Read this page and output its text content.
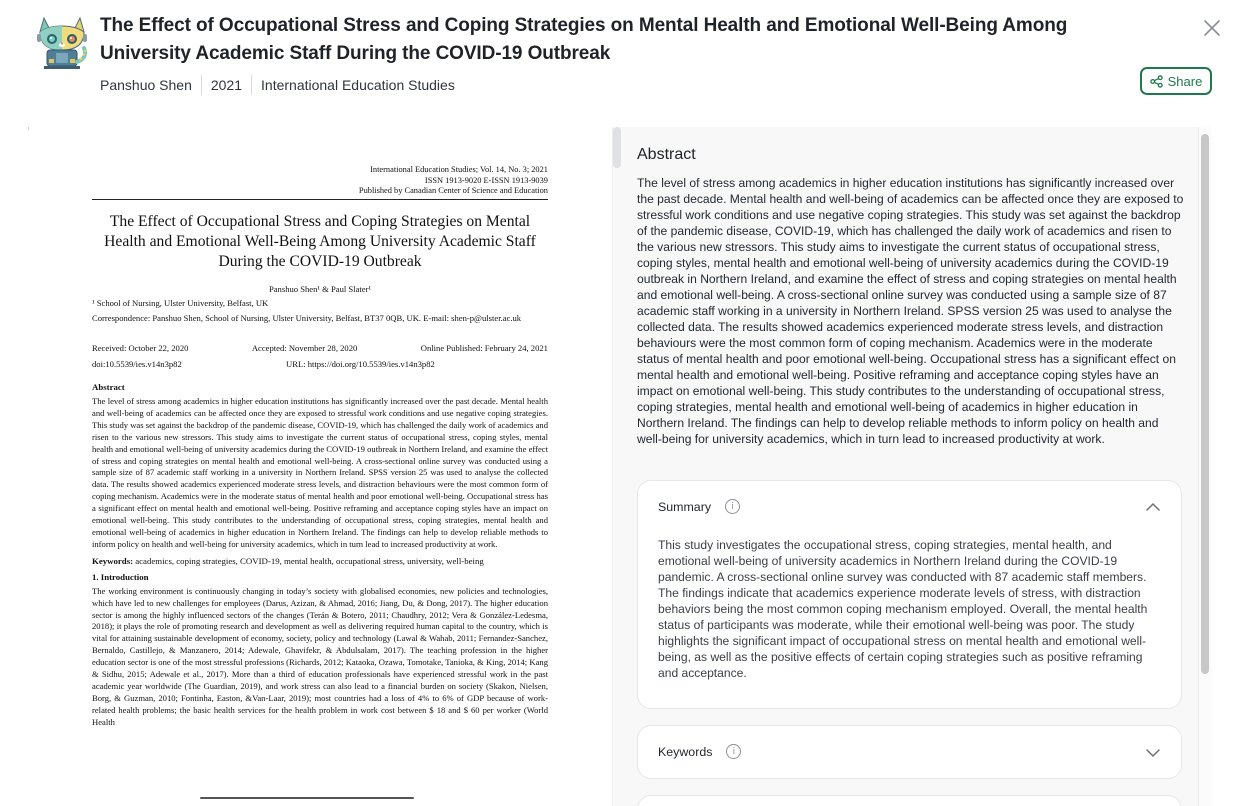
The Effect of Occupational Stress and Coping Strategies on Mental Health and Emotional Well-Being Among University Academic Staff During the COVID-19 Outbreak
Panshuo Shen 2021 International Education Studies	Share
International Education Studies; Vol. 14, No. 3; 2021
ISSN 1913-9020 E-ISSN 1913-9039
Published by Canadian Center of Science and Education
The Effect of Occupational Stress and Coping Strategies on Mental Health and Emotional Well-Being Among University Academic Staff During the COVID-19 Outbreak
Panshuo Shen¹ & Paul Slater¹
¹ School of Nursing, Ulster University, Belfast, UK
Correspondence: Panshuo Shen, School of Nursing, Ulster University, Belfast, BT37 0QB, UK. E-mail: shen-p@ulster.ac.uk
Received: October 22, 2020	Accepted: November 28, 2020	Online Published: February 24, 2021
doi:10.5539/ies.v14n3p82	URL: https://doi.org/10.5539/ies.v14n3p82
Abstract
The level of stress among academics in higher education institutions has significantly increased over the past decade. Mental health and well-being of academics can be affected once they are exposed to stressful work conditions and use negative coping strategies. This study was set against the backdrop of the pandemic disease, COVID-19, which has challenged the daily work of academics and risen to the various new stressors. This study aims to investigate the current status of occupational stress, coping styles, mental health and emotional well-being of university academics during the COVID-19 outbreak in Northern Ireland, and examine the effect of stress and coping strategies on mental health and emotional well-being. A cross-sectional online survey was conducted using a sample size of 87 academic staff working in a university in Northern Ireland. SPSS version 25 was used to analyse the collected data. The results showed academics experienced moderate stress levels, and distraction behaviours were the most common form of coping mechanism. Academics were in the moderate status of mental health and poor emotional well-being. Occupational stress has a significant effect on mental health and emotional well-being. Positive reframing and acceptance coping styles have an impact on emotional well-being. This study contributes to the understanding of occupational stress, coping strategies, mental health and emotional well-being of academics in higher education in Northern Ireland. The findings can help to develop reliable methods to inform policy on health and well-being for university academics, which in turn lead to increased productivity at work.
Keywords: academics, coping strategies, COVID-19, mental health, occupational stress, university, well-being
1. Introduction
The working environment is continuously changing in today’s society with globalised economies, new policies and technologies, which have led to new challenges for employees (Darus, Azizan, & Ahmad, 2016; Jiang, Du, & Dong, 2017). The higher education sector is among the highly influenced sectors of the changes (Terán & Botero, 2011; Chaudhry, 2012; Vera & González-Ledesma, 2018); it plays the role of promoting research and development as well as delivering required human capital to the country, which is vital for attaining sustainable development of economy, society, policy and technology (Lawal & Wahab, 2011; Fernandez-Sanchez, Bernaldo, Castillejo, & Manzanero, 2014; Adewale, Ghavifekr, & Abdulsalam, 2017). The teaching profession in the higher education sector is one of the most stressful professions (Richards, 2012; Kataoka, Ozawa, Tomotake, Tanioka, & King, 2014; Kang & Sidhu, 2015; Adewale et al., 2017). More than a third of education professionals have experienced stressful work in the past academic year worldwide (The Guardian, 2019), and work stress can also lead to a financial burden on society (Skakon, Nielsen, Borg, & Guzman, 2010; Fontinha, Easton, &Van-Laar, 2019); most countries had a loss of 4% to 6% of GDP because of work-related health problems; the basic health services for the health problem in work cost between $ 18 and $ 60 per worker (World Health
Abstract
The level of stress among academics in higher education institutions has significantly increased over the past decade. Mental health and well-being of academics can be affected once they are exposed to stressful work conditions and use negative coping strategies. This study was set against the backdrop of the pandemic disease, COVID-19, which has challenged the daily work of academics and risen to the various new stressors. This study aims to investigate the current status of occupational stress, coping styles, mental health and emotional well-being of university academics during the COVID-19 outbreak in Northern Ireland, and examine the effect of stress and coping strategies on mental health and emotional well-being. A cross-sectional online survey was conducted using a sample size of 87 academic staff working in a university in Northern Ireland. SPSS version 25 was used to analyse the collected data. The results showed academics experienced moderate stress levels, and distraction behaviours were the most common form of coping mechanism. Academics were in the moderate status of mental health and poor emotional well-being. Occupational stress has a significant effect on mental health and emotional well-being. Positive reframing and acceptance coping styles have an impact on emotional well-being. This study contributes to the understanding of occupational stress, coping strategies, mental health and emotional well-being of academics in higher education in Northern Ireland. The findings can help to develop reliable methods to inform policy on health and well-being for university academics, which in turn lead to increased productivity at work.
Summary	i
This study investigates the occupational stress, coping strategies, mental health, and emotional well-being of university academics in Northern Ireland during the COVID-19 pandemic. A cross-sectional online survey was conducted with 87 academic staff members. The findings indicate that academics experience moderate levels of stress, with distraction behaviors being the most common coping mechanism employed. Overall, the mental health status of participants was moderate, while their emotional well-being was poor. The study highlights the significant impact of occupational stress on mental health and emotional well-being, as well as the positive effects of certain coping strategies such as positive reframing and acceptance.
Keywords	i
